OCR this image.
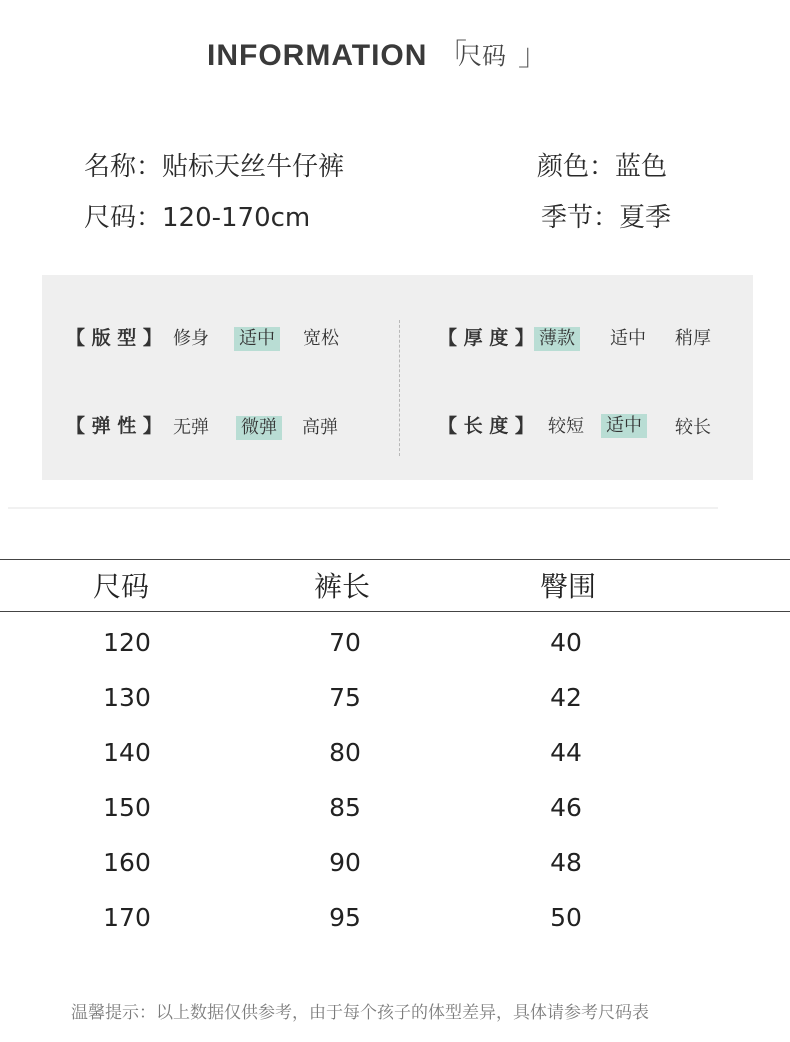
INFORMATION 「
尺码 」
名称：贴标天丝牛仔裤	颜色：蓝色
尺码：120-170cm	季节：夏季
【 版 型 】 修身 适中 宽松	【 厚 度 】 薄款 适中 稍厚
【 弹 性 】 无弹 微弹 高弹	【 长 度 】 较短 适中 较长
尺码	裤长	臀围
120	70	40
130	75	42
140	80	44
150	85	46
160	90	48
170	95	50
温馨提示：以上数据仅供参考，由于每个孩子的体型差异，具体请参考尺码表
